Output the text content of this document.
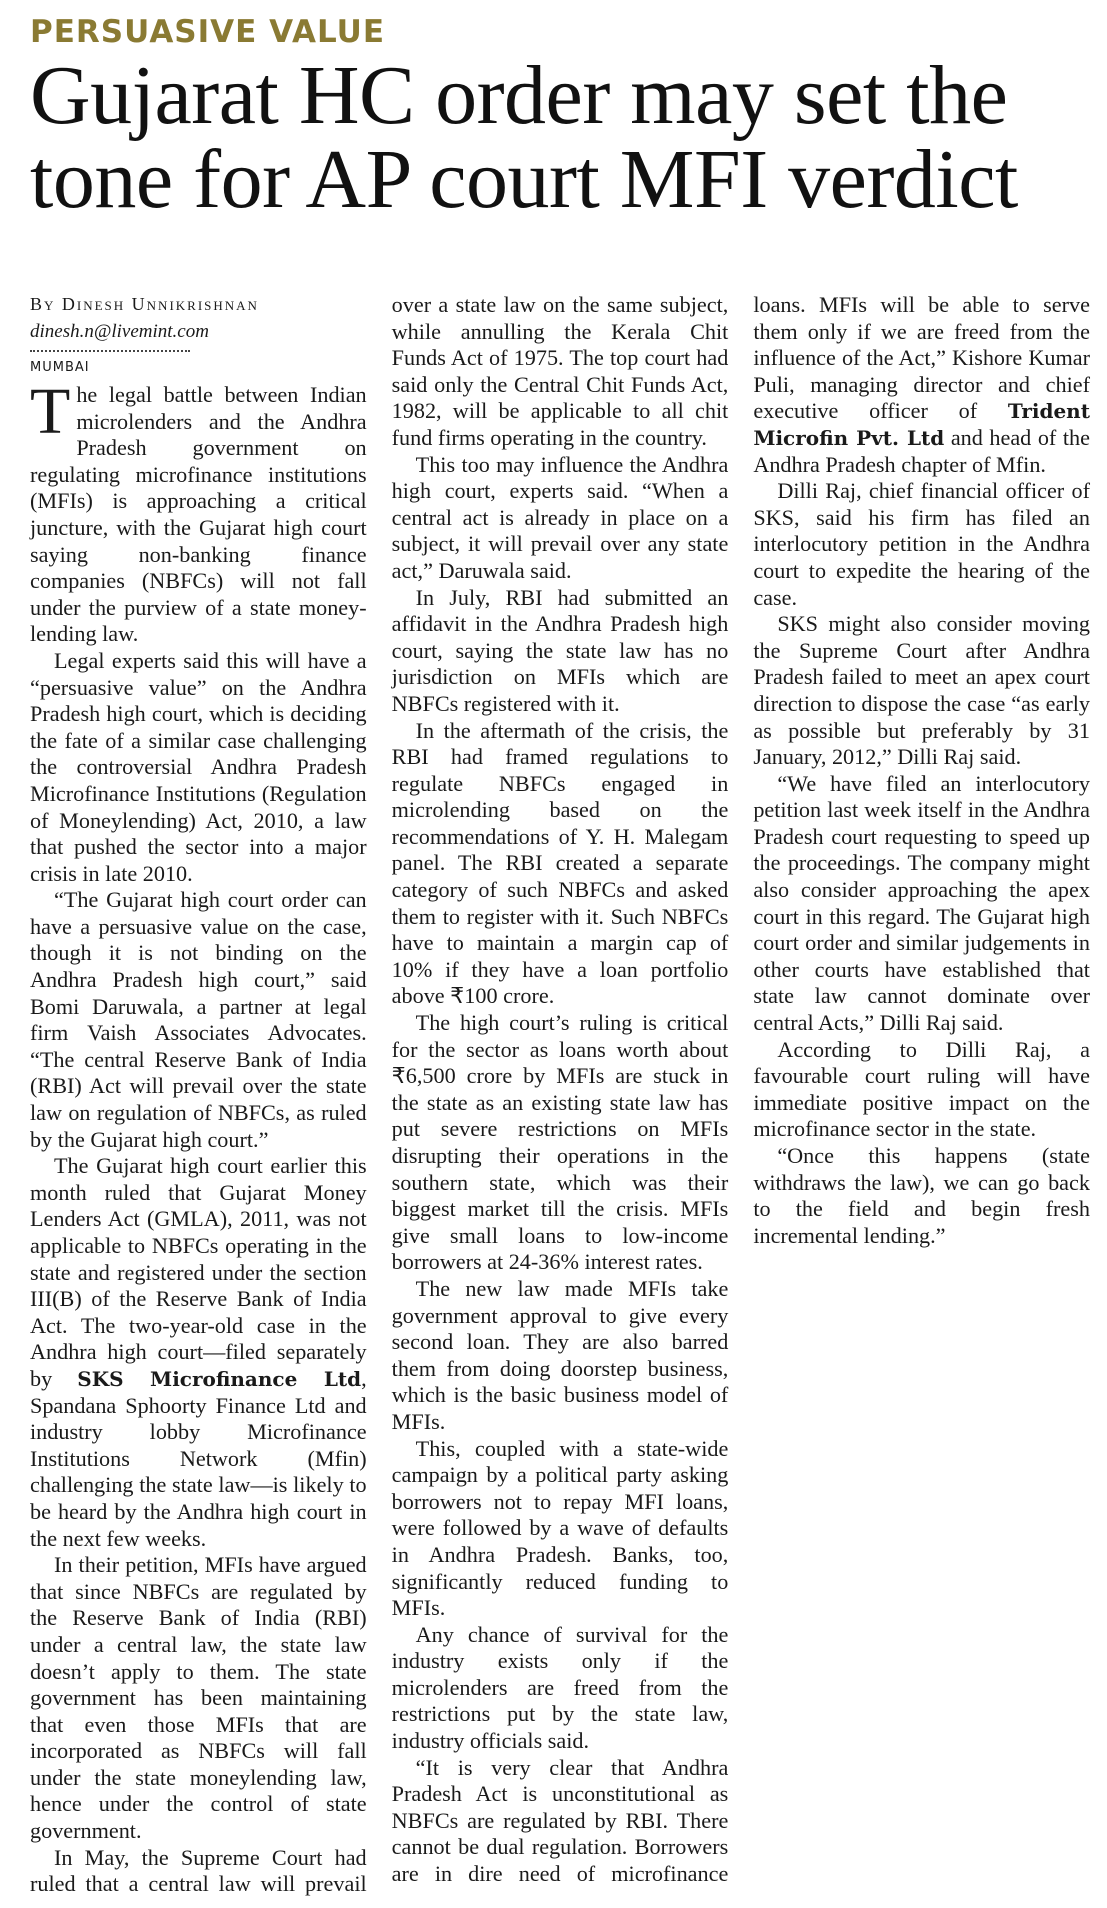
PERSUASIVE VALUE

Gujarat HC order may set the tone for AP court MFI verdict

By Dinesh Unnikrishnan

dinesh.n@livemint.com

MUMBAI

The legal battle between Indian microlenders and the Andhra Pradesh government on regulating microfinance institutions (MFIs) is approaching a critical juncture, with the Gujarat high court saying non-banking finance companies (NBFCs) will not fall under the purview of a state money-lending law.

Legal experts said this will have a “persuasive value” on the Andhra Pradesh high court, which is deciding the fate of a similar case challenging the controversial Andhra Pradesh Microfinance Institutions (Regulation of Moneylending) Act, 2010, a law that pushed the sector into a major crisis in late 2010.

“The Gujarat high court order can have a persuasive value on the case, though it is not binding on the Andhra Pradesh high court,” said Bomi Daruwala, a partner at legal firm Vaish Associates Advocates. “The central Reserve Bank of India (RBI) Act will prevail over the state law on regulation of NBFCs, as ruled by the Gujarat high court.”

The Gujarat high court earlier this month ruled that Gujarat Money Lenders Act (GMLA), 2011, was not applicable to NBFCs operating in the state and registered under the section III(B) of the Reserve Bank of India Act. The two-year-old case in the Andhra high court—filed separately by SKS Microfinance Ltd, Spandana Sphoorty Finance Ltd and industry lobby Microfinance Institutions Network (Mfin) challenging the state law—is likely to be heard by the Andhra high court in the next few weeks.

In their petition, MFIs have argued that since NBFCs are regulated by the Reserve Bank of India (RBI) under a central law, the state law doesn’t apply to them. The state government has been maintaining that even those MFIs that are incorporated as NBFCs will fall under the state moneylending law, hence under the control of state government.

In May, the Supreme Court had ruled that a central law will prevail over a state law on the same subject, while annulling the Kerala Chit Funds Act of 1975. The top court had said only the Central Chit Funds Act, 1982, will be applicable to all chit fund firms operating in the country.

This too may influence the Andhra high court, experts said. “When a central act is already in place on a subject, it will prevail over any state act,” Daruwala said.

In July, RBI had submitted an affidavit in the Andhra Pradesh high court, saying the state law has no jurisdiction on MFIs which are NBFCs registered with it.

In the aftermath of the crisis, the RBI had framed regulations to regulate NBFCs engaged in microlending based on the recommendations of Y. H. Malegam panel. The RBI created a separate category of such NBFCs and asked them to register with it. Such NBFCs have to maintain a margin cap of 10% if they have a loan portfolio above ₹100 crore.

The high court’s ruling is critical for the sector as loans worth about ₹6,500 crore by MFIs are stuck in the state as an existing state law has put severe restrictions on MFIs disrupting their operations in the southern state, which was their biggest market till the crisis. MFIs give small loans to low-income borrowers at 24-36% interest rates.

The new law made MFIs take government approval to give every second loan. They are also barred them from doing doorstep business, which is the basic business model of MFIs.

This, coupled with a state-wide campaign by a political party asking borrowers not to repay MFI loans, were followed by a wave of defaults in Andhra Pradesh. Banks, too, significantly reduced funding to MFIs.

Any chance of survival for the industry exists only if the microlenders are freed from the restrictions put by the state law, industry officials said.

“It is very clear that Andhra Pradesh Act is unconstitutional as NBFCs are regulated by RBI. There cannot be dual regulation. Borrowers are in dire need of microfinance loans. MFIs will be able to serve them only if we are freed from the influence of the Act,” Kishore Kumar Puli, managing director and chief executive officer of Trident Microfin Pvt. Ltd and head of the Andhra Pradesh chapter of Mfin.

Dilli Raj, chief financial officer of SKS, said his firm has filed an interlocutory petition in the Andhra court to expedite the hearing of the case.

SKS might also consider moving the Supreme Court after Andhra Pradesh failed to meet an apex court direction to dispose the case “as early as possible but preferably by 31 January, 2012,” Dilli Raj said.

“We have filed an interlocutory petition last week itself in the Andhra Pradesh court requesting to speed up the proceedings. The company might also consider approaching the apex court in this regard. The Gujarat high court order and similar judgements in other courts have established that state law cannot dominate over central Acts,” Dilli Raj said.

According to Dilli Raj, a favourable court ruling will have immediate positive impact on the microfinance sector in the state.

“Once this happens (state withdraws the law), we can go back to the field and begin fresh incremental lending.”
